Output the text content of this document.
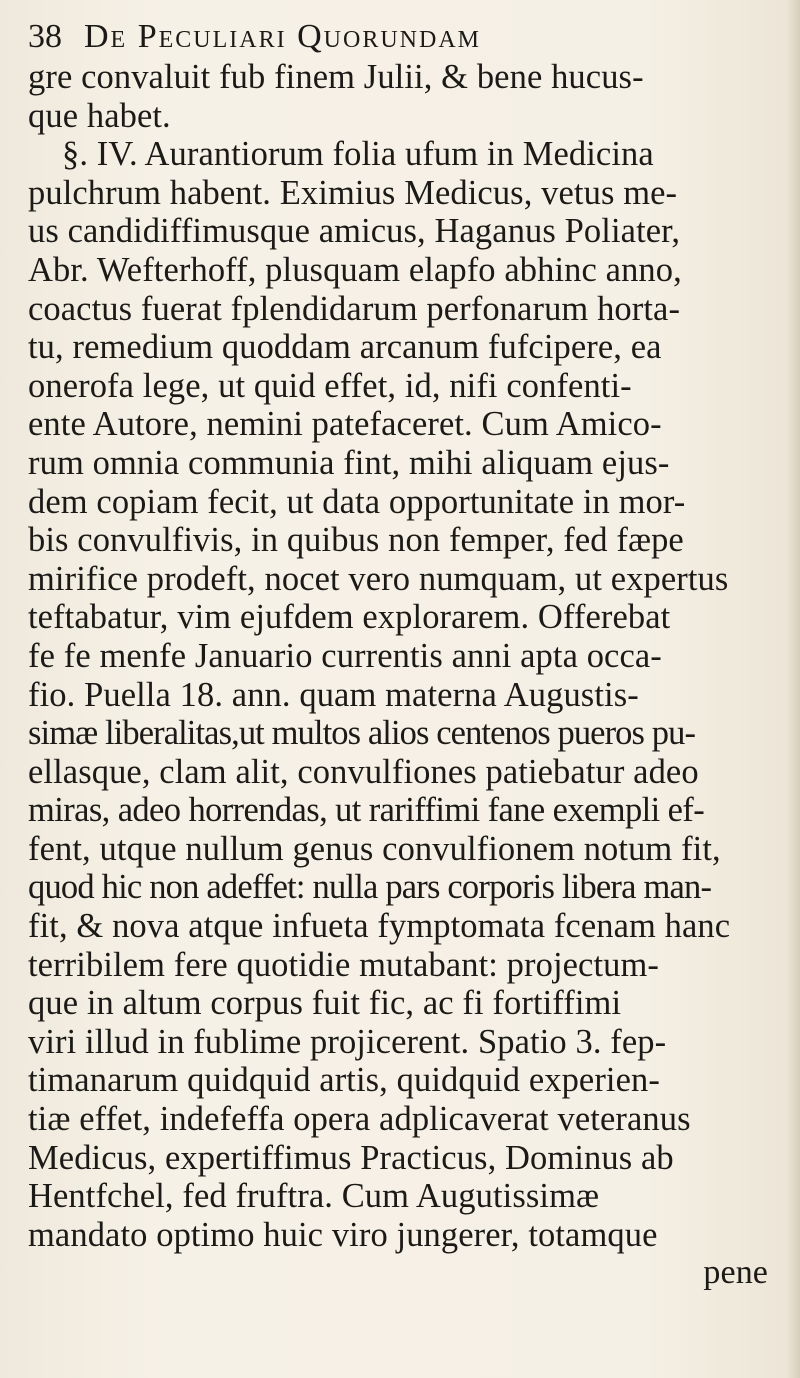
38 De Peculiari Quorundam
gre convaluit fub finem Julii, & bene hucus-
que habet.
§. IV. Aurantiorum folia ufum in Medicina
pulchrum habent. Eximius Medicus, vetus me-
us candidiffimusque amicus, Haganus Poliater,
Abr. Wefterhoff, plusquam elapfo abhinc anno,
coactus fuerat fplendidarum perfonarum horta-
tu, remedium quoddam arcanum fufcipere, ea
onerofa lege, ut quid effet, id, nifi confenti-
ente Autore, nemini patefaceret. Cum Amico-
rum omnia communia fint, mihi aliquam ejus-
dem copiam fecit, ut data opportunitate in mor-
bis convulfivis, in quibus non femper, fed fæpe
mirifice prodeft, nocet vero numquam, ut expertus
teftabatur, vim ejufdem explorarem. Offerebat
fe fe menfe Januario currentis anni apta occa-
fio. Puella 18. ann. quam materna Augustis-
simæ liberalitas,ut multos alios centenos pueros pu-
ellasque, clam alit, convulfiones patiebatur adeo
miras, adeo horrendas, ut rariffimi fane exempli ef-
fent, utque nullum genus convulfionem notum fit,
quod hic non adeffet: nulla pars corporis libera man-
fit, & nova atque infueta fymptomata fcenam hanc
terribilem fere quotidie mutabant: projectum-
que in altum corpus fuit fic, ac fi fortiffimi
viri illud in fublime projicerent. Spatio 3. fep-
timanarum quidquid artis, quidquid experien-
tiæ effet, indefeffa opera adplicaverat veteranus
Medicus, expertiffimus Practicus, Dominus ab
Hentfchel, fed fruftra. Cum Augutissimæ
mandato optimo huic viro jungerer, totamque
pene
